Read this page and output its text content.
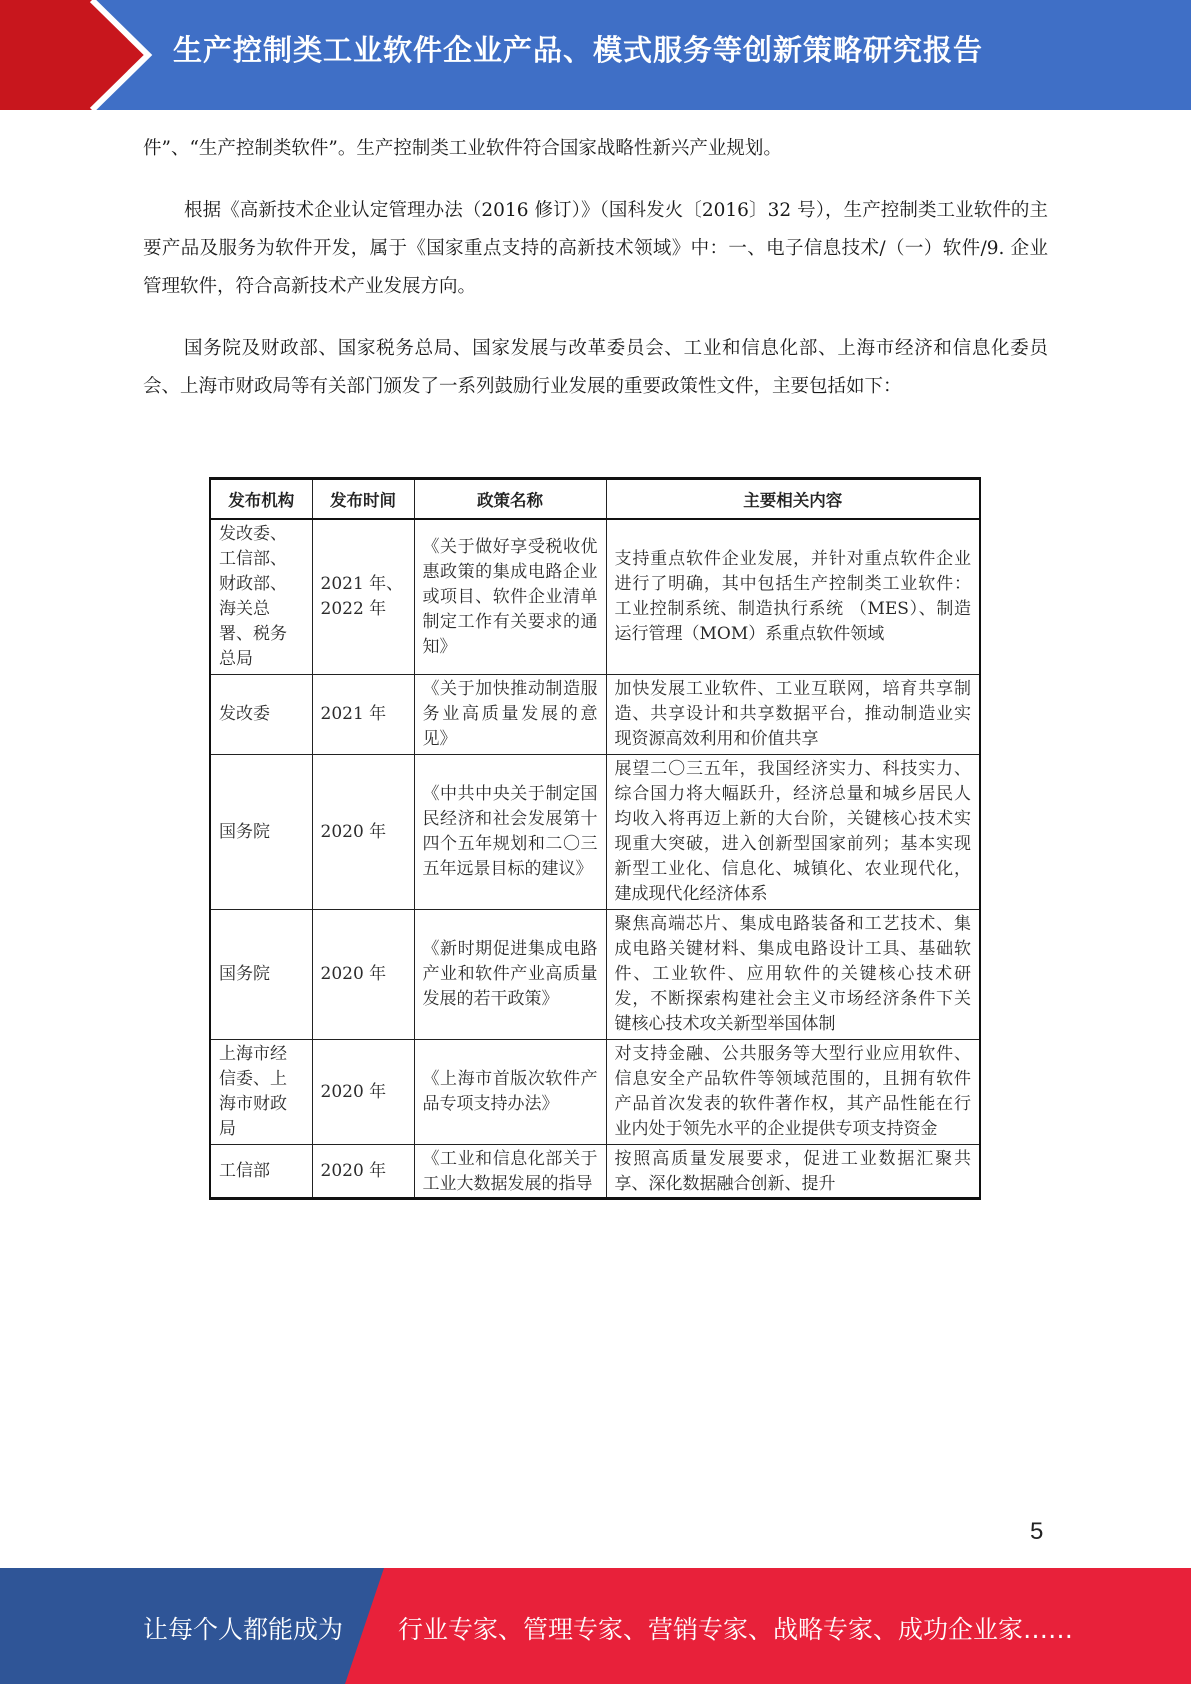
生产控制类工业软件企业产品、模式服务等创新策略研究报告

件”、“生产控制类软件”。生产控制类工业软件符合国家战略性新兴产业规划。

根据《高新技术企业认定管理办法（2016 修订）》（国科发火〔2016〕32 号），生产控制类工业软件的主要产品及服务为软件开发，属于《国家重点支持的高新技术领域》中：一、电子信息技术/（一）软件/9. 企业管理软件，符合高新技术产业发展方向。

国务院及财政部、国家税务总局、国家发展与改革委员会、工业和信息化部、上海市经济和信息化委员会、上海市财政局等有关部门颁发了一系列鼓励行业发展的重要政策性文件，主要包括如下：

发布机构	发布时间	政策名称	主要相关内容
发改委、工信部、财政部、海关总署、税务总局	2021 年、2022 年	《关于做好享受税收优惠政策的集成电路企业或项目、软件企业清单制定工作有关要求的通知》	支持重点软件企业发展，并针对重点软件企业进行了明确，其中包括生产控制类工业软件：工业控制系统、制造执行系统 （MES）、制造运行管理（MOM）系重点软件领域
发改委	2021 年	《关于加快推动制造服务业高质量发展的意见》	加快发展工业软件、工业互联网，培育共享制造、共享设计和共享数据平台，推动制造业实现资源高效利用和价值共享
国务院	2020 年	《中共中央关于制定国民经济和社会发展第十四个五年规划和二〇三五年远景目标的建议》	展望二〇三五年，我国经济实力、科技实力、综合国力将大幅跃升，经济总量和城乡居民人均收入将再迈上新的大台阶，关键核心技术实现重大突破，进入创新型国家前列；基本实现新型工业化、信息化、城镇化、农业现代化，建成现代化经济体系
国务院	2020 年	《新时期促进集成电路产业和软件产业高质量发展的若干政策》	聚焦高端芯片、集成电路装备和工艺技术、集成电路关键材料、集成电路设计工具、基础软件、工业软件、应用软件的关键核心技术研发，不断探索构建社会主义市场经济条件下关键核心技术攻关新型举国体制
上海市经信委、上海市财政局	2020 年	《上海市首版次软件产品专项支持办法》	对支持金融、公共服务等大型行业应用软件、信息安全产品软件等领域范围的，且拥有软件产品首次发表的软件著作权，其产品性能在行业内处于领先水平的企业提供专项支持资金
工信部	2020 年	《工业和信息化部关于工业大数据发展的指导	按照高质量发展要求，促进工业数据汇聚共享、深化数据融合创新、提升
5
让每个人都能成为 行业专家、管理专家、营销专家、战略专家、成功企业家……
